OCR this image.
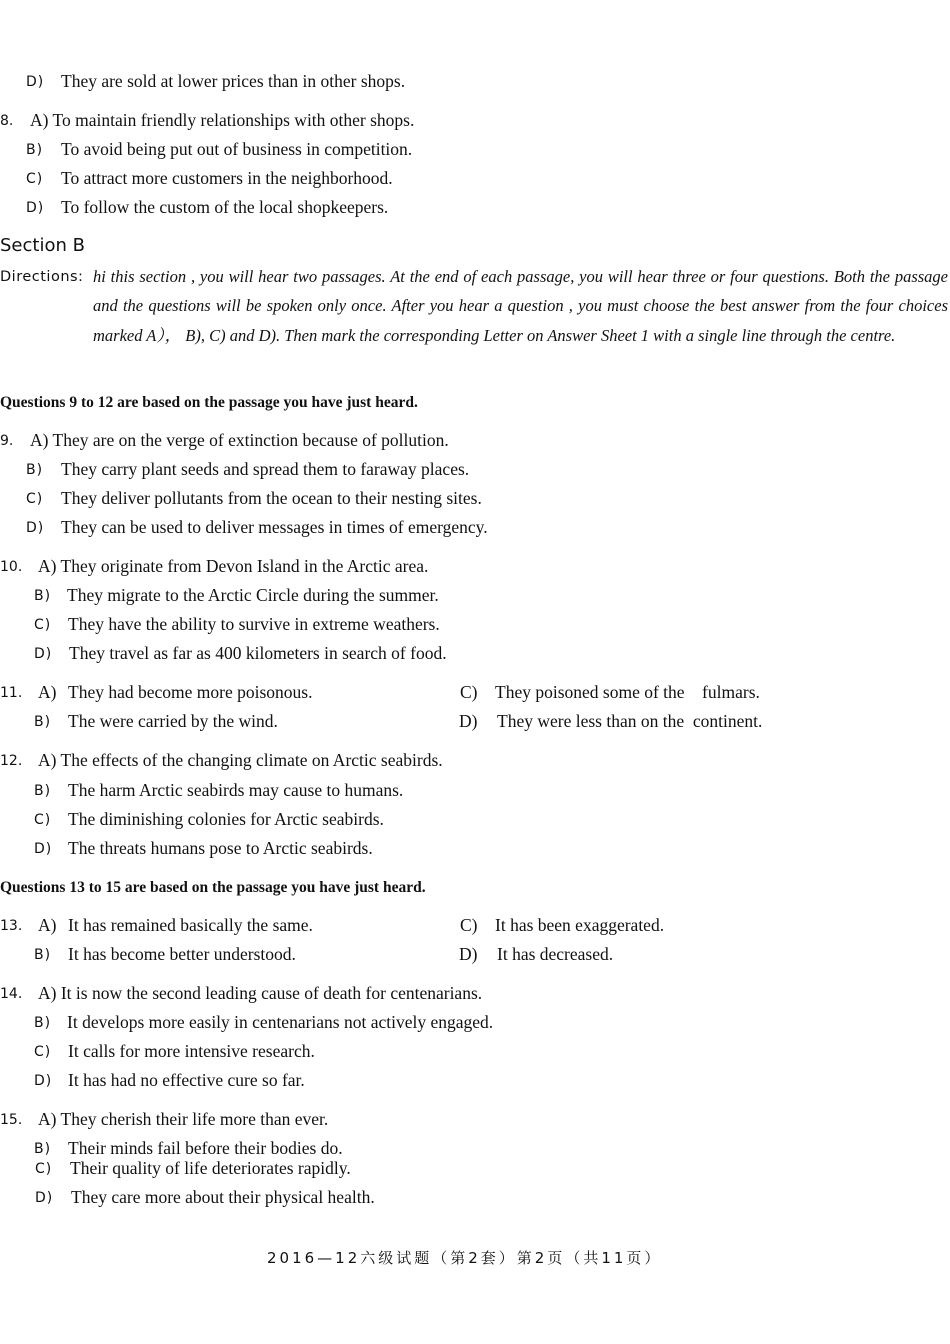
D) They are sold at lower prices than in other shops.
8. A) To maintain friendly relationships with other shops.
B) To avoid being put out of business in competition.
C) To attract more customers in the neighborhood.
D) To follow the custom of the local shopkeepers.
Section B
Directions: hi this section , you will hear two passages. At the end of each passage, you will hear three or four questions. Both the passage and the questions will be spoken only once. After you hear a question , you must choose the best answer from the four choices marked A）， B), C) and D). Then mark the corresponding Letter on Answer Sheet 1 with a single line through the centre.
Questions 9 to 12 are based on the passage you have just heard.
9. A) They are on the verge of extinction because of pollution.
B) They carry plant seeds and spread them to faraway places.
C) They deliver pollutants from the ocean to their nesting sites.
D) They can be used to deliver messages in times of emergency.
10. A) They originate from Devon Island in the Arctic area.
B) They migrate to the Arctic Circle during the summer.
C) They have the ability to survive in extreme weathers.
D) They travel as far as 400 kilometers in search of food.
11. A) They had become more poisonous.	C) They poisoned some of the    fulmars.
B) The were carried by the wind.	D) They were less than on the  continent.
12. A) The effects of the changing climate on Arctic seabirds.
B) The harm Arctic seabirds may cause to humans.
C) The diminishing colonies for Arctic seabirds.
D) The threats humans pose to Arctic seabirds.
Questions 13 to 15 are based on the passage you have just heard.
13. A) It has remained basically the same.	C) It has been exaggerated.
B) It has become better understood.	D) It has decreased.
14. A) It is now the second leading cause of death for centenarians.
B) It develops more easily in centenarians not actively engaged.
C) It calls for more intensive research.
D) It has had no effective cure so far.
15. A) They cherish their life more than ever.
B) Their minds fail before their bodies do.
C) Their quality of life deteriorates rapidly.
D) They care more about their physical health.
2016—12六级试题（第2套）第2页（共11页）
